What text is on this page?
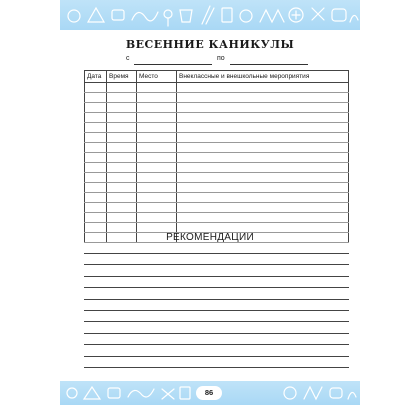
ВЕСЕННИЕ КАНИКУЛЫ
с	по
Дата	Время	Место	Внеклассные и внешкольные мероприятия

РЕКОМЕНДАЦИИ
86
